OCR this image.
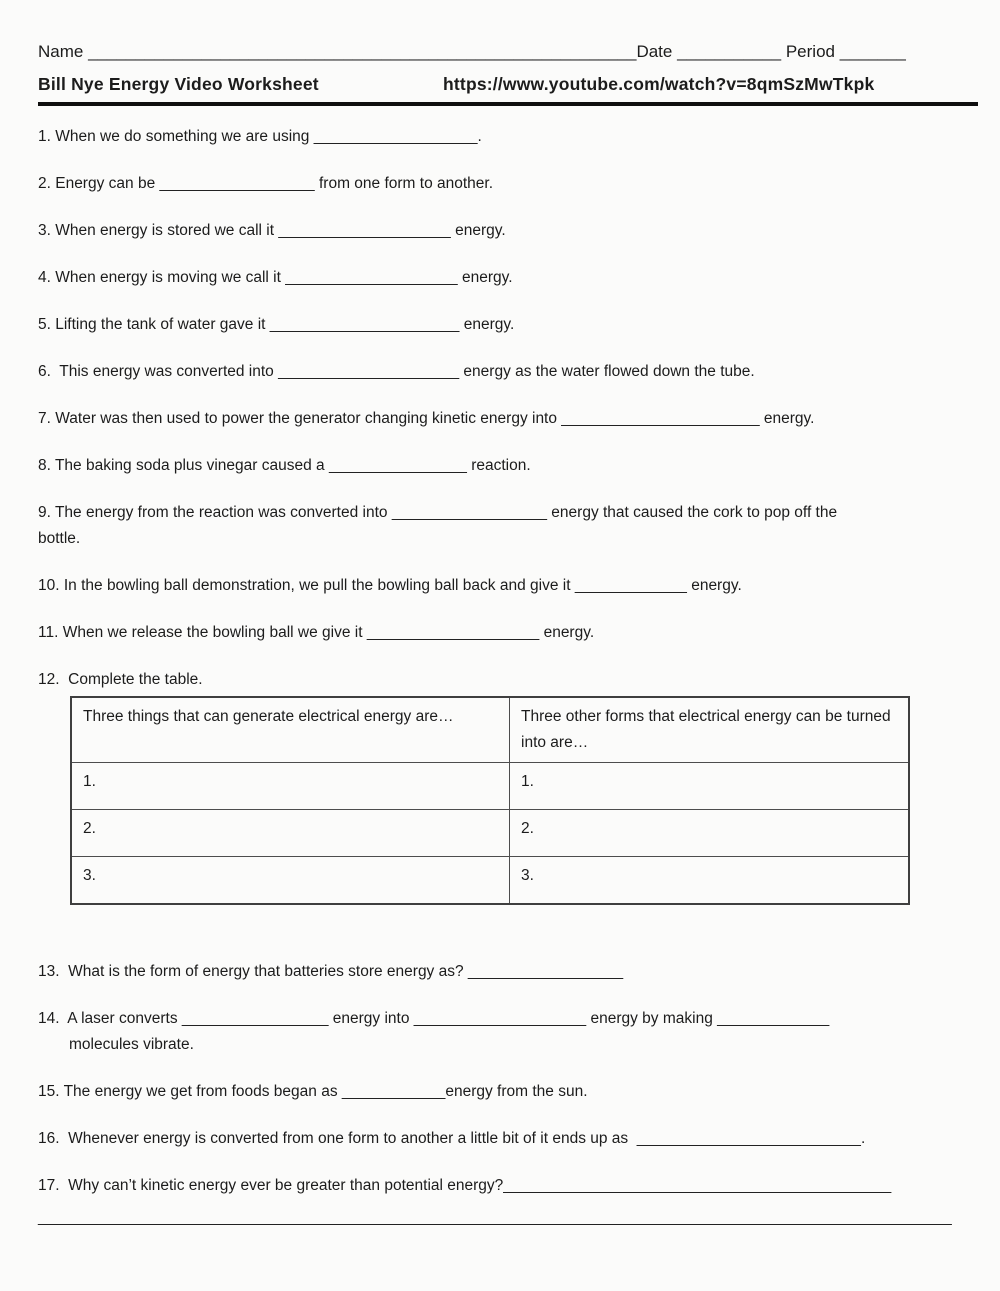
Name __________________________________________________________Date ___________ Period _______
Bill Nye Energy Video Worksheet	https://www.youtube.com/watch?v=8qmSzMwTkpk
1. When we do something we are using ___________________.
2. Energy can be __________________ from one form to another.
3. When energy is stored we call it ____________________ energy.
4. When energy is moving we call it ____________________ energy.
5. Lifting the tank of water gave it ______________________ energy.
6.  This energy was converted into _____________________ energy as the water flowed down the tube.
7. Water was then used to power the generator changing kinetic energy into _______________________ energy.
8. The baking soda plus vinegar caused a ________________ reaction.
9. The energy from the reaction was converted into __________________ energy that caused the cork to pop off the
bottle.
10. In the bowling ball demonstration, we pull the bowling ball back and give it _____________ energy.
11. When we release the bowling ball we give it ____________________ energy.
12.  Complete the table.
Three things that can generate electrical energy are…	Three other forms that electrical energy can be turned into are…
1.	1.
2.	2.
3.	3.
13.  What is the form of energy that batteries store energy as? __________________
14.  A laser converts _________________ energy into ____________________ energy by making _____________
molecules vibrate.
15. The energy we get from foods began as ____________energy from the sun.
16.  Whenever energy is converted from one form to another a little bit of it ends up as  __________________________.
17.  Why can’t kinetic energy ever be greater than potential energy?_____________________________________________
__________________________________________________________________________________________________________
